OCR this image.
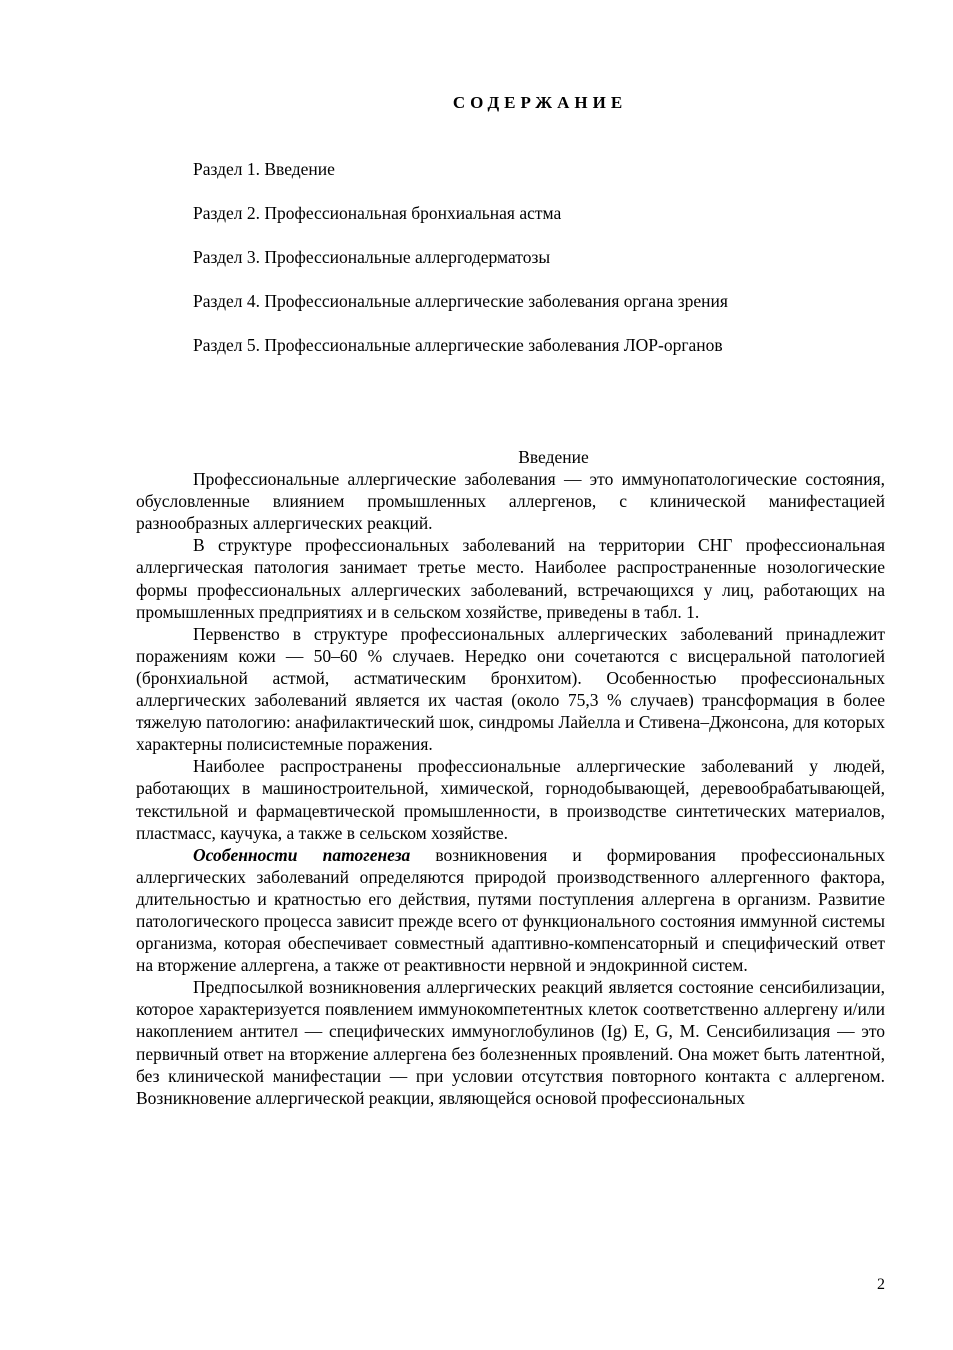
СОДЕРЖАНИЕ
Раздел 1. Введение
Раздел 2. Профессиональная бронхиальная астма
Раздел 3. Профессиональные аллергодерматозы
Раздел 4. Профессиональные аллергические заболевания органа зрения
Раздел 5. Профессиональные аллергические заболевания ЛОР-органов

Введение

Профессиональные аллергические заболевания — это иммунопатологические состояния, обусловленные влиянием промышленных аллергенов, с клинической манифестацией разнообразных аллергических реакций.

В структуре профессиональных заболеваний на территории СНГ профессиональная аллергическая патология занимает третье место. Наиболее распространенные нозологические формы профессиональных аллергических заболеваний, встречающихся у лиц, работающих на промышленных предприятиях и в сельском хозяйстве, приведены в табл. 1.

Первенство в структуре профессиональных аллергических заболеваний принадлежит поражениям кожи — 50–60 % случаев. Нередко они сочетаются с висцеральной патологией (бронхиальной астмой, астматическим бронхитом). Особенностью профессиональных аллергических заболеваний является их частая (около 75,3 % случаев) трансформация в более тяжелую патологию: анафилактический шок, синдромы Лайелла и Стивена–Джонсона, для которых характерны полисистемные поражения.

Наиболее распространены профессиональные аллергические заболеваний у людей, работающих в машиностроительной, химической, горнодобывающей, деревообрабатывающей, текстильной и фармацевтической промышленности, в производстве синтетических материалов, пластмасс, каучука, а также в сельском хозяйстве.

Особенности патогенеза возникновения и формирования профессиональных аллергических заболеваний определяются природой производственного аллергенного фактора, длительностью и кратностью его действия, путями поступления аллергена в организм. Развитие патологического процесса зависит прежде всего от функционального состояния иммунной системы организма, которая обеспечивает совместный адаптивно-компенсаторный и специфический ответ на вторжение аллергена, а также от реактивности нервной и эндокринной систем.

Предпосылкой возникновения аллергических реакций является состояние сенсибилизации, которое характеризуется появлением иммунокомпетентных клеток соответственно аллергену и/или накоплением антител — специфических иммуноглобулинов (Ig) E, G, M. Сенсибилизация — это первичный ответ на вторжение аллергена без болезненных проявлений. Она может быть латентной, без клинической манифестации — при условии отсутствия повторного контакта с аллергеном. Возникновение аллергической реакции, являющейся основой профессиональных

2
